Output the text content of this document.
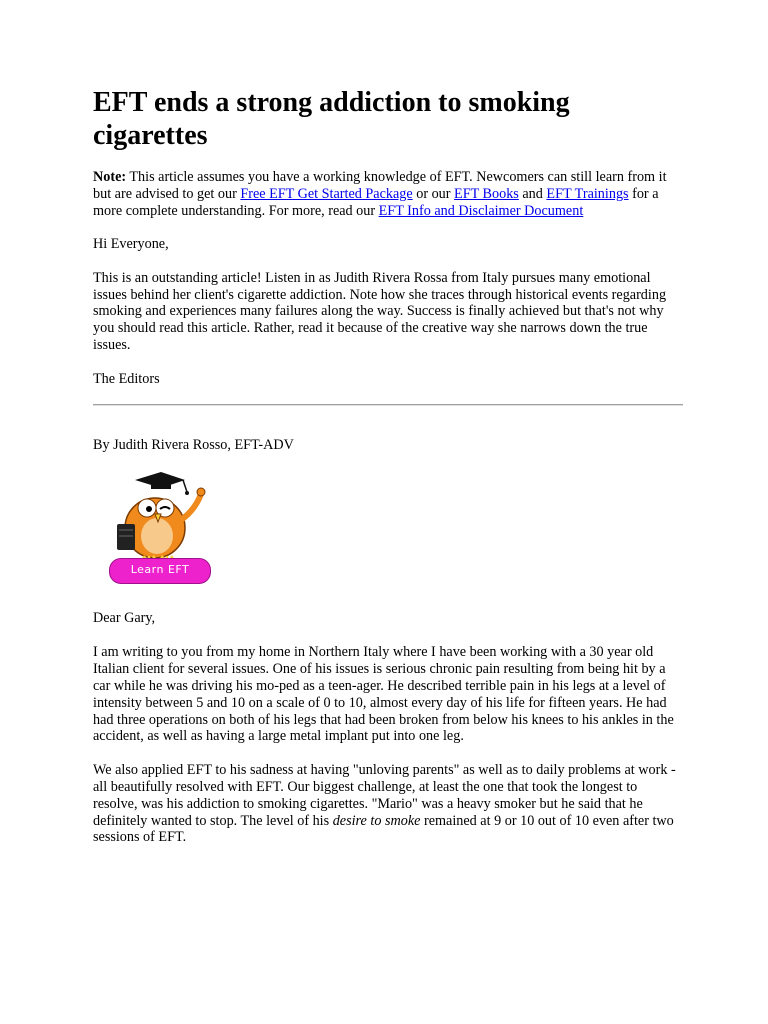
EFT ends a strong addiction to smoking cigarettes

Note: This article assumes you have a working knowledge of EFT. Newcomers can still learn from it but are advised to get our Free EFT Get Started Package or our EFT Books and EFT Trainings for a more complete understanding. For more, read our EFT Info and Disclaimer Document

Hi Everyone,

This is an outstanding article! Listen in as Judith Rivera Rossa from Italy pursues many emotional issues behind her client's cigarette addiction. Note how she traces through historical events regarding smoking and experiences many failures along the way. Success is finally achieved but that's not why you should read this article. Rather, read it because of the creative way she narrows down the true issues.

The Editors

By Judith Rivera Rosso, EFT-ADV

Learn EFT

Dear Gary,

I am writing to you from my home in Northern Italy where I have been working with a 30 year old Italian client for several issues. One of his issues is serious chronic pain resulting from being hit by a car while he was driving his mo-ped as a teen-ager. He described terrible pain in his legs at a level of intensity between 5 and 10 on a scale of 0 to 10, almost every day of his life for fifteen years. He had had three operations on both of his legs that had been broken from below his knees to his ankles in the accident, as well as having a large metal implant put into one leg.

We also applied EFT to his sadness at having "unloving parents" as well as to daily problems at work - all beautifully resolved with EFT. Our biggest challenge, at least the one that took the longest to resolve, was his addiction to smoking cigarettes. "Mario" was a heavy smoker but he said that he definitely wanted to stop. The level of his desire to smoke remained at 9 or 10 out of 10 even after two sessions of EFT.
